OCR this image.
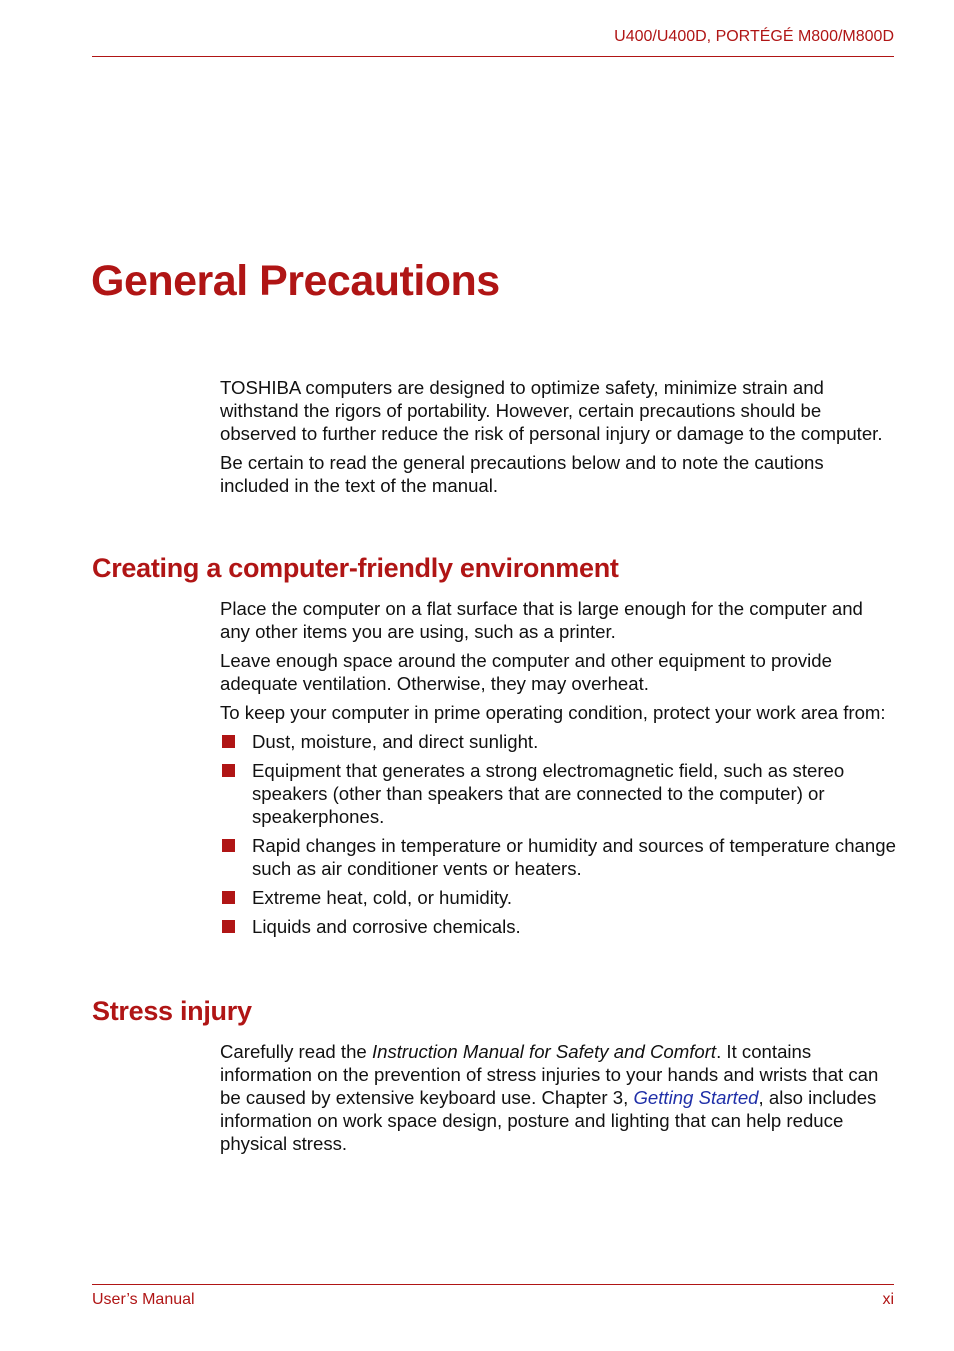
U400/U400D, PORTÉGÉ M800/M800D
General Precautions

TOSHIBA computers are designed to optimize safety, minimize strain and withstand the rigors of portability. However, certain precautions should be observed to further reduce the risk of personal injury or damage to the computer.

Be certain to read the general precautions below and to note the cautions included in the text of the manual.

Creating a computer-friendly environment

Place the computer on a flat surface that is large enough for the computer and any other items you are using, such as a printer.

Leave enough space around the computer and other equipment to provide adequate ventilation. Otherwise, they may overheat.

To keep your computer in prime operating condition, protect your work area from:

Dust, moisture, and direct sunlight.
Equipment that generates a strong electromagnetic field, such as stereo speakers (other than speakers that are connected to the computer) or speakerphones.
Rapid changes in temperature or humidity and sources of temperature change such as air conditioner vents or heaters.
Extreme heat, cold, or humidity.
Liquids and corrosive chemicals.
Stress injury

Carefully read the Instruction Manual for Safety and Comfort. It contains information on the prevention of stress injuries to your hands and wrists that can be caused by extensive keyboard use. Chapter 3, Getting Started, also includes information on work space design, posture and lighting that can help reduce physical stress.

User’s Manual	xi
